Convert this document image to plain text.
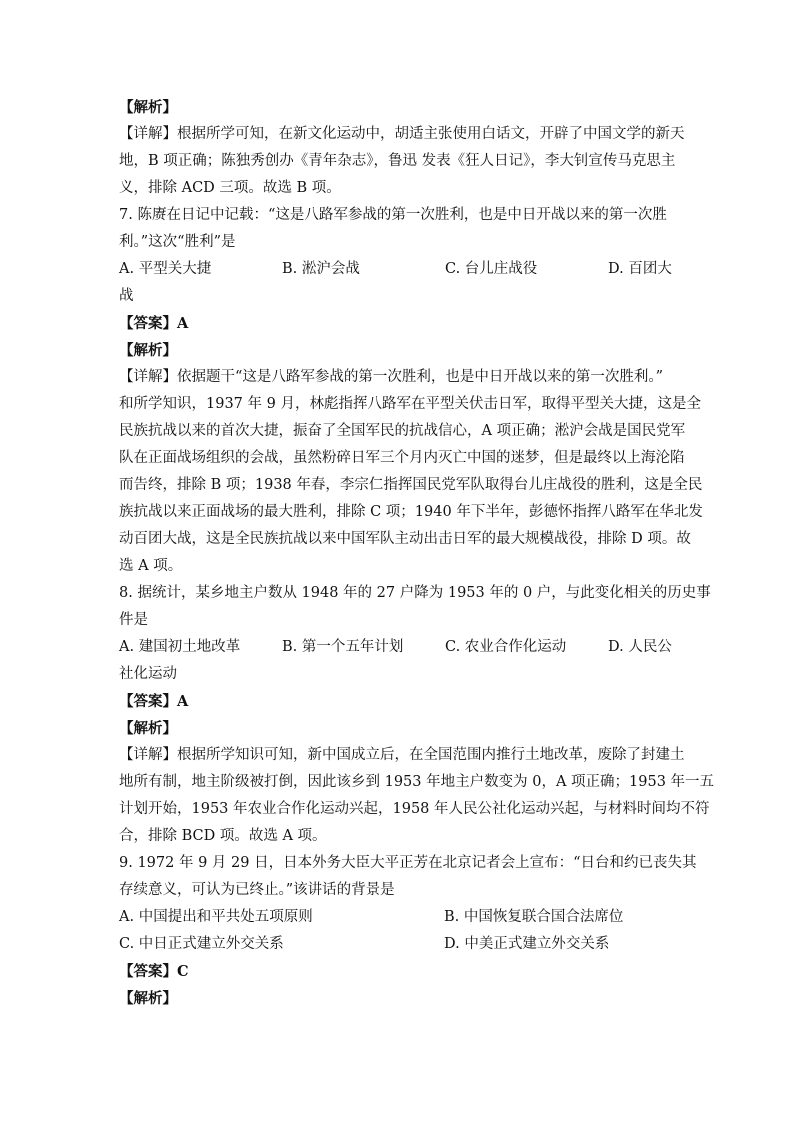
【解析】
【详解】根据所学可知，在新文化运动中，胡适主张使用白话文，开辟了中国文学的新天
地，B 项正确；陈独秀创办《青年杂志》，鲁迅 发表《狂人日记》，李大钊宣传马克思主
义，排除 ACD 三项。故选 B 项。
7. 陈赓在日记中记载：“这是八路军参战的第一次胜利，也是中日开战以来的第一次胜
利。”这次“胜利”是
A. 平型关大捷	B. 淞沪会战	C. 台儿庄战役	D. 百团大
战
【答案】A
【解析】
【详解】依据题干“这是八路军参战的第一次胜利，也是中日开战以来的第一次胜利。”
和所学知识，1937 年 9 月，林彪指挥八路军在平型关伏击日军，取得平型关大捷，这是全
民族抗战以来的首次大捷，振奋了全国军民的抗战信心，A 项正确；淞沪会战是国民党军
队在正面战场组织的会战，虽然粉碎日军三个月内灭亡中国的迷梦，但是最终以上海沦陷
而告终，排除 B 项；1938 年春，李宗仁指挥国民党军队取得台儿庄战役的胜利，这是全民
族抗战以来正面战场的最大胜利，排除 C 项；1940 年下半年，彭德怀指挥八路军在华北发
动百团大战，这是全民族抗战以来中国军队主动出击日军的最大规模战役，排除 D 项。故
选 A 项。
8. 据统计，某乡地主户数从 1948 年的 27 户降为 1953 年的 0 户，与此变化相关的历史事
件是
A. 建国初土地改革	B. 第一个五年计划	C. 农业合作化运动	D. 人民公
社化运动
【答案】A
【解析】
【详解】根据所学知识可知，新中国成立后，在全国范围内推行土地改革，废除了封建土
地所有制，地主阶级被打倒，因此该乡到 1953 年地主户数变为 0，A 项正确；1953 年一五
计划开始，1953 年农业合作化运动兴起，1958 年人民公社化运动兴起，与材料时间均不符
合，排除 BCD 项。故选 A 项。
9. 1972 年 9 月 29 日，日本外务大臣大平正芳在北京记者会上宣布：“日台和约已丧失其
存续意义，可认为已终止。”该讲话的背景是
A. 中国提出和平共处五项原则	B. 中国恢复联合国合法席位
C. 中日正式建立外交关系	D. 中美正式建立外交关系
【答案】C
【解析】
